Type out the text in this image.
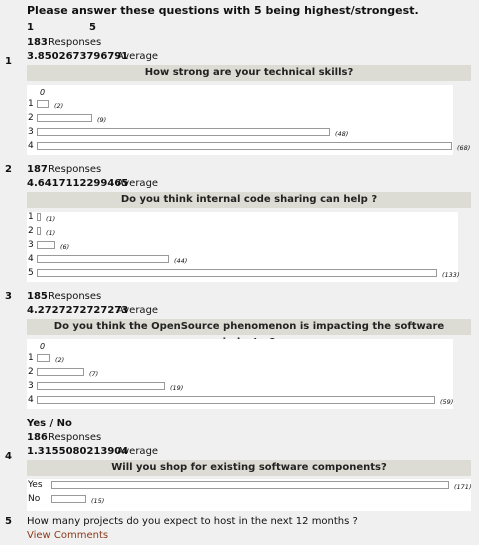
Please answer these questions with 5 being highest/strongest.
1	5
183 Responses
1 3.8502673796791
Average
How strong are your technical skills?
0
2 187 Responses
4.6417112299465
Average
Do you think internal code sharing can help ?
3 185 Responses
4.2727272727273
Average
Do you think the OpenSource phenomenon is impacting the software
0
Yes / No
186 Responses
4 1.3155080213904
Average
Will you shop for existing software components?
5 How many projects do you expect to host in the next 12 months ?
View Comments
1	(2)
2	(9)
3	(48)
4	(68)
1	(1)
2	(1)
3	(6)
4	(44)
5	(133)
1	(2)
2	(7)
3	(19)
4	(59)
Yes	(171)
No	(15)
